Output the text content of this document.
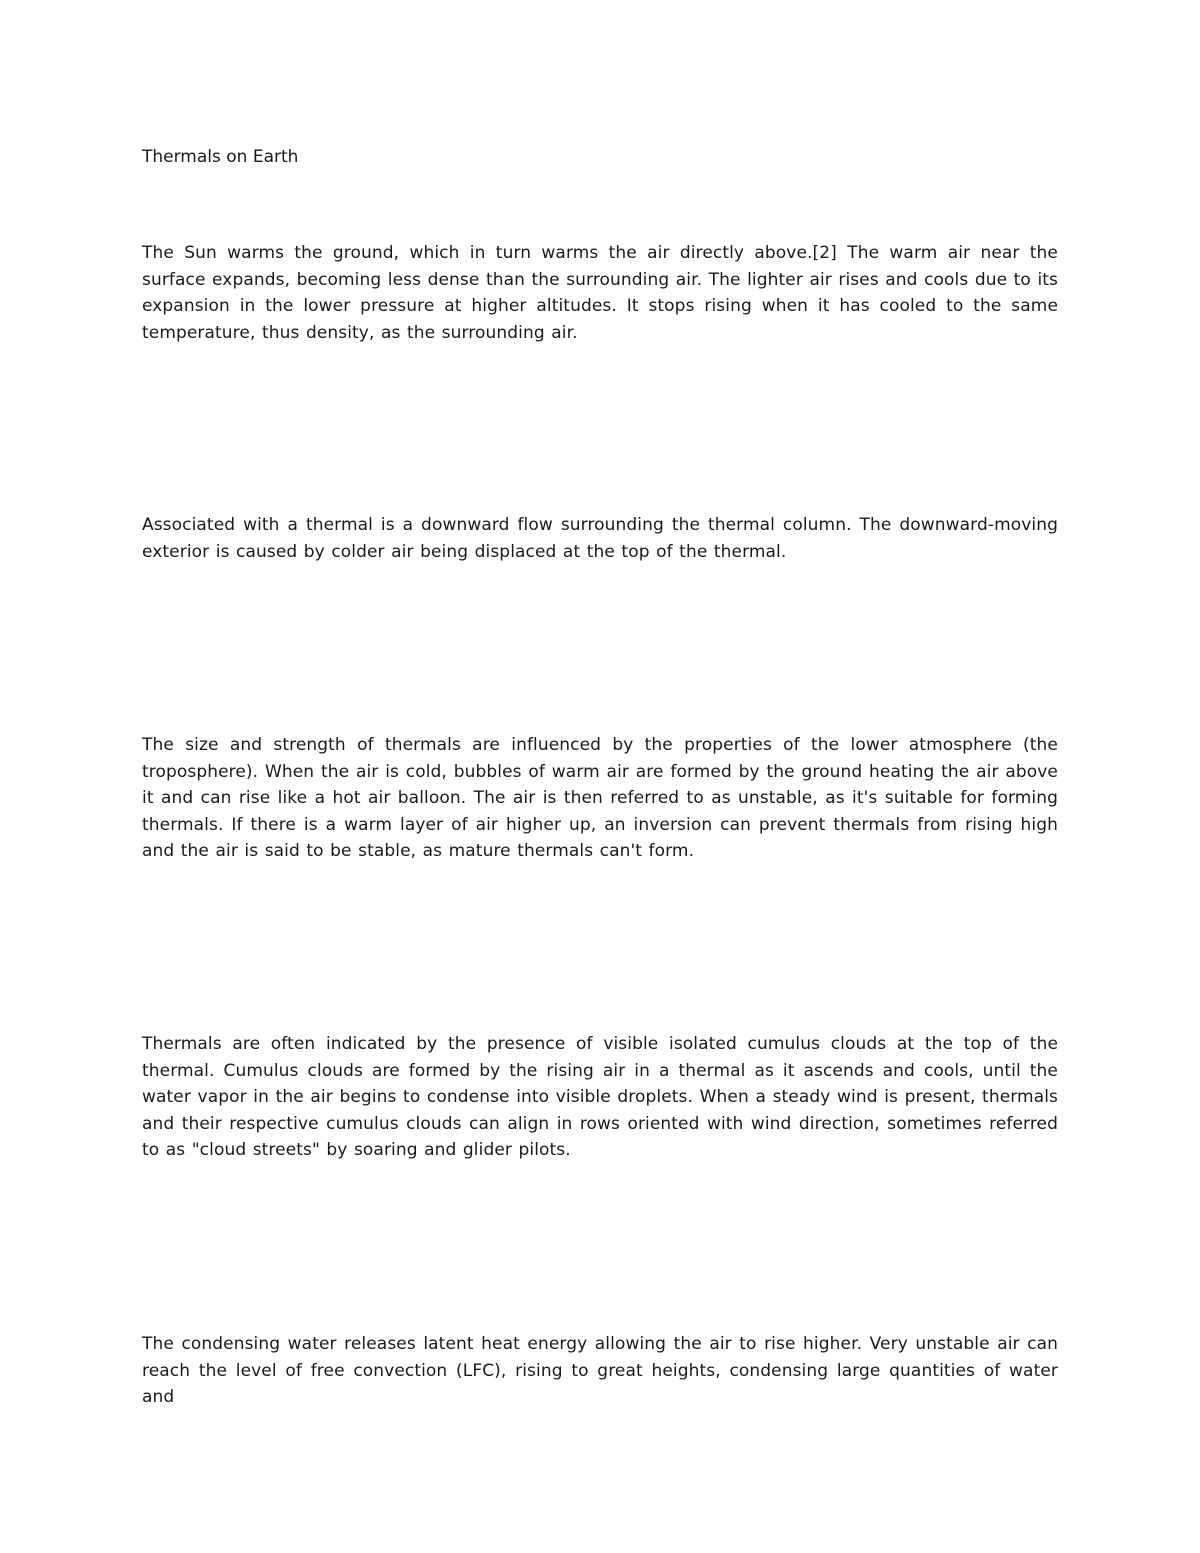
Thermals on Earth

The Sun warms the ground, which in turn warms the air directly above.[2] The warm air near the surface expands, becoming less dense than the surrounding air. The lighter air rises and cools due to its expansion in the lower pressure at higher altitudes. It stops rising when it has cooled to the same temperature, thus density, as the surrounding air.

Associated with a thermal is a downward flow surrounding the thermal column. The downward-moving exterior is caused by colder air being displaced at the top of the thermal.

The size and strength of thermals are influenced by the properties of the lower atmosphere (the troposphere). When the air is cold, bubbles of warm air are formed by the ground heating the air above it and can rise like a hot air balloon. The air is then referred to as unstable, as it's suitable for forming thermals. If there is a warm layer of air higher up, an inversion can prevent thermals from rising high and the air is said to be stable, as mature thermals can't form.

Thermals are often indicated by the presence of visible isolated cumulus clouds at the top of the thermal. Cumulus clouds are formed by the rising air in a thermal as it ascends and cools, until the water vapor in the air begins to condense into visible droplets. When a steady wind is present, thermals and their respective cumulus clouds can align in rows oriented with wind direction, sometimes referred to as "cloud streets" by soaring and glider pilots.

The condensing water releases latent heat energy allowing the air to rise higher. Very unstable air can reach the level of free convection (LFC), rising to great heights, condensing large quantities of water and
